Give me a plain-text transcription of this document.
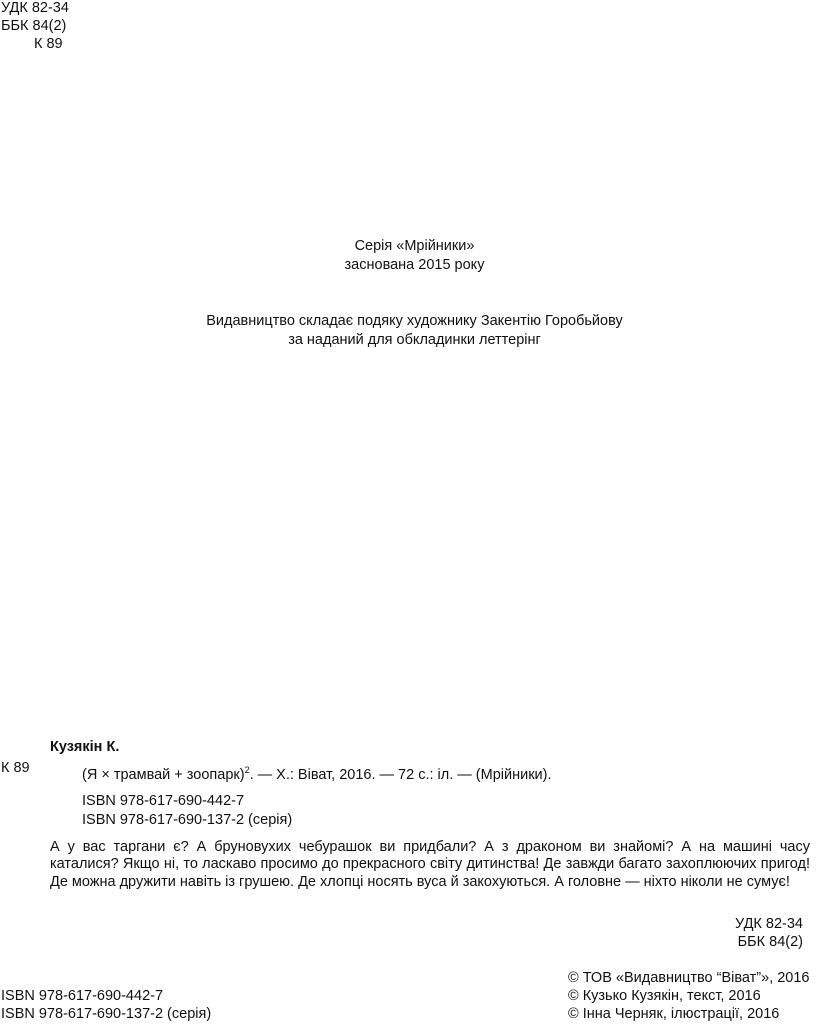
УДК 82-34
ББК 84(2)
К 89
Серія «Мрійники»
заснована 2015 року
Видавництво складає подяку художнику Закентію Горобьйову
за наданий для обкладинки леттерінг
К 89
Кузякін К.
(Я × трамвай + зоопарк)$^2$. — Х.: Віват, 2016. — 72 с.: іл. — (Мрійники).
ISBN 978-617-690-442-7
ISBN 978-617-690-137-2 (серія)
А у вас таргани є? А бруновухих чебурашок ви придбали? А з драконом ви знайомі? А на машині часу каталися? Якщо ні, то ласкаво просимо до прекрасного світу дитинства! Де завжди багато захоплюючих пригод! Де можна дружити навіть із грушею. Де хлопці носять вуса й закохуються. А головне — ніхто ніколи не сумує!
УДК 82-34
ББК 84(2)
ISBN 978-617-690-442-7
ISBN 978-617-690-137-2 (серія)
© ТОВ «Видавництво “Віват”», 2016
© Кузько Кузякін, текст, 2016
© Інна Черняк, ілюстрації, 2016
